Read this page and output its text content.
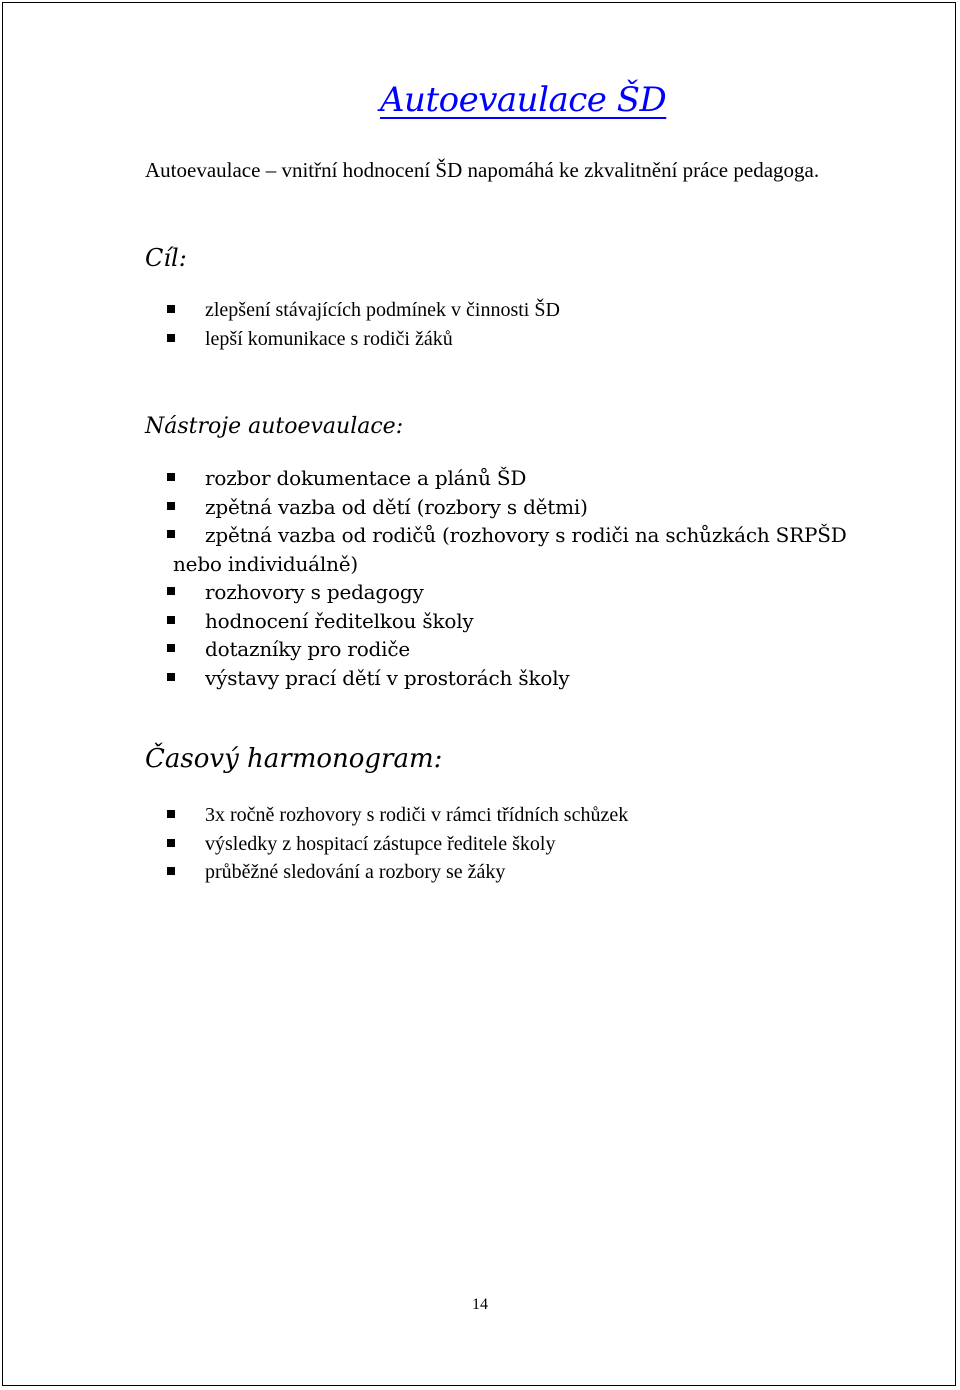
Autoevaulace ŠD
Autoevaulace – vnitřní hodnocení ŠD napomáhá ke zkvalitnění práce pedagoga.
Cíl:
zlepšení stávajících podmínek v činnosti ŠD
lepší komunikace s rodiči žáků
Nástroje autoevaulace:
rozbor dokumentace a plánů ŠD
zpětná vazba od dětí (rozbory s dětmi)
zpětná vazba od rodičů (rozhovory s rodiči na schůzkách SRPŠD
nebo individuálně)
rozhovory s pedagogy
hodnocení ředitelkou školy
dotazníky pro rodiče
výstavy prací dětí v prostorách školy
Časový harmonogram:
3x ročně rozhovory s rodiči v rámci třídních schůzek
výsledky z hospitací zástupce ředitele školy
průběžné sledování a rozbory se žáky
14
